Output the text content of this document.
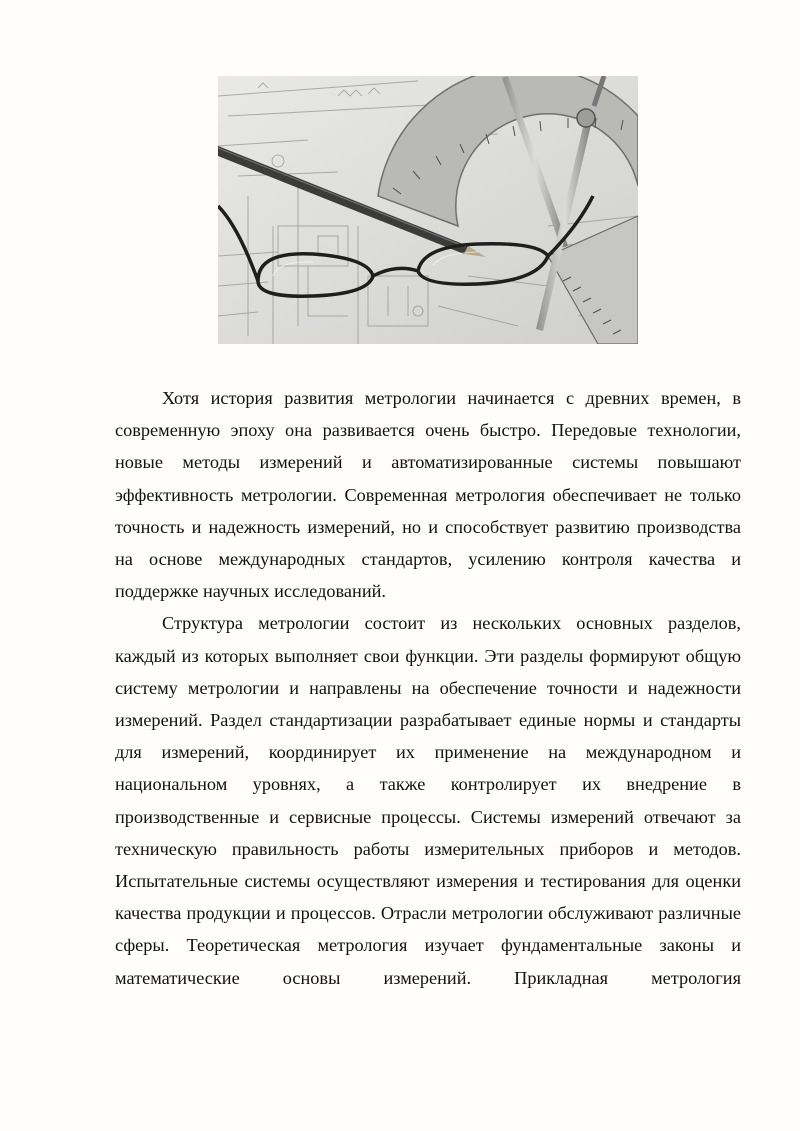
Хотя история развития метрологии начинается с древних времен, в современную эпоху она развивается очень быстро. Передовые технологии, новые методы измерений и автоматизированные системы повышают эффективность метрологии. Современная метрология обеспечивает не только точность и надежность измерений, но и способствует развитию производства на основе международных стандартов, усилению контроля качества и поддержке научных исследований.

Структура метрологии состоит из нескольких основных разделов, каждый из которых выполняет свои функции. Эти разделы формируют общую систему метрологии и направлены на обеспечение точности и надежности измерений. Раздел стандартизации разрабатывает единые нормы и стандарты для измерений, координирует их применение на международном и национальном уровнях, а также контролирует их внедрение в производственные и сервисные процессы. Системы измерений отвечают за техническую правильность работы измерительных приборов и методов. Испытательные системы осуществляют измерения и тестирования для оценки качества продукции и процессов. Отрасли метрологии обслуживают различные сферы. Теоретическая метрология изучает фундаментальные законы и математические основы измерений. Прикладная метрология
